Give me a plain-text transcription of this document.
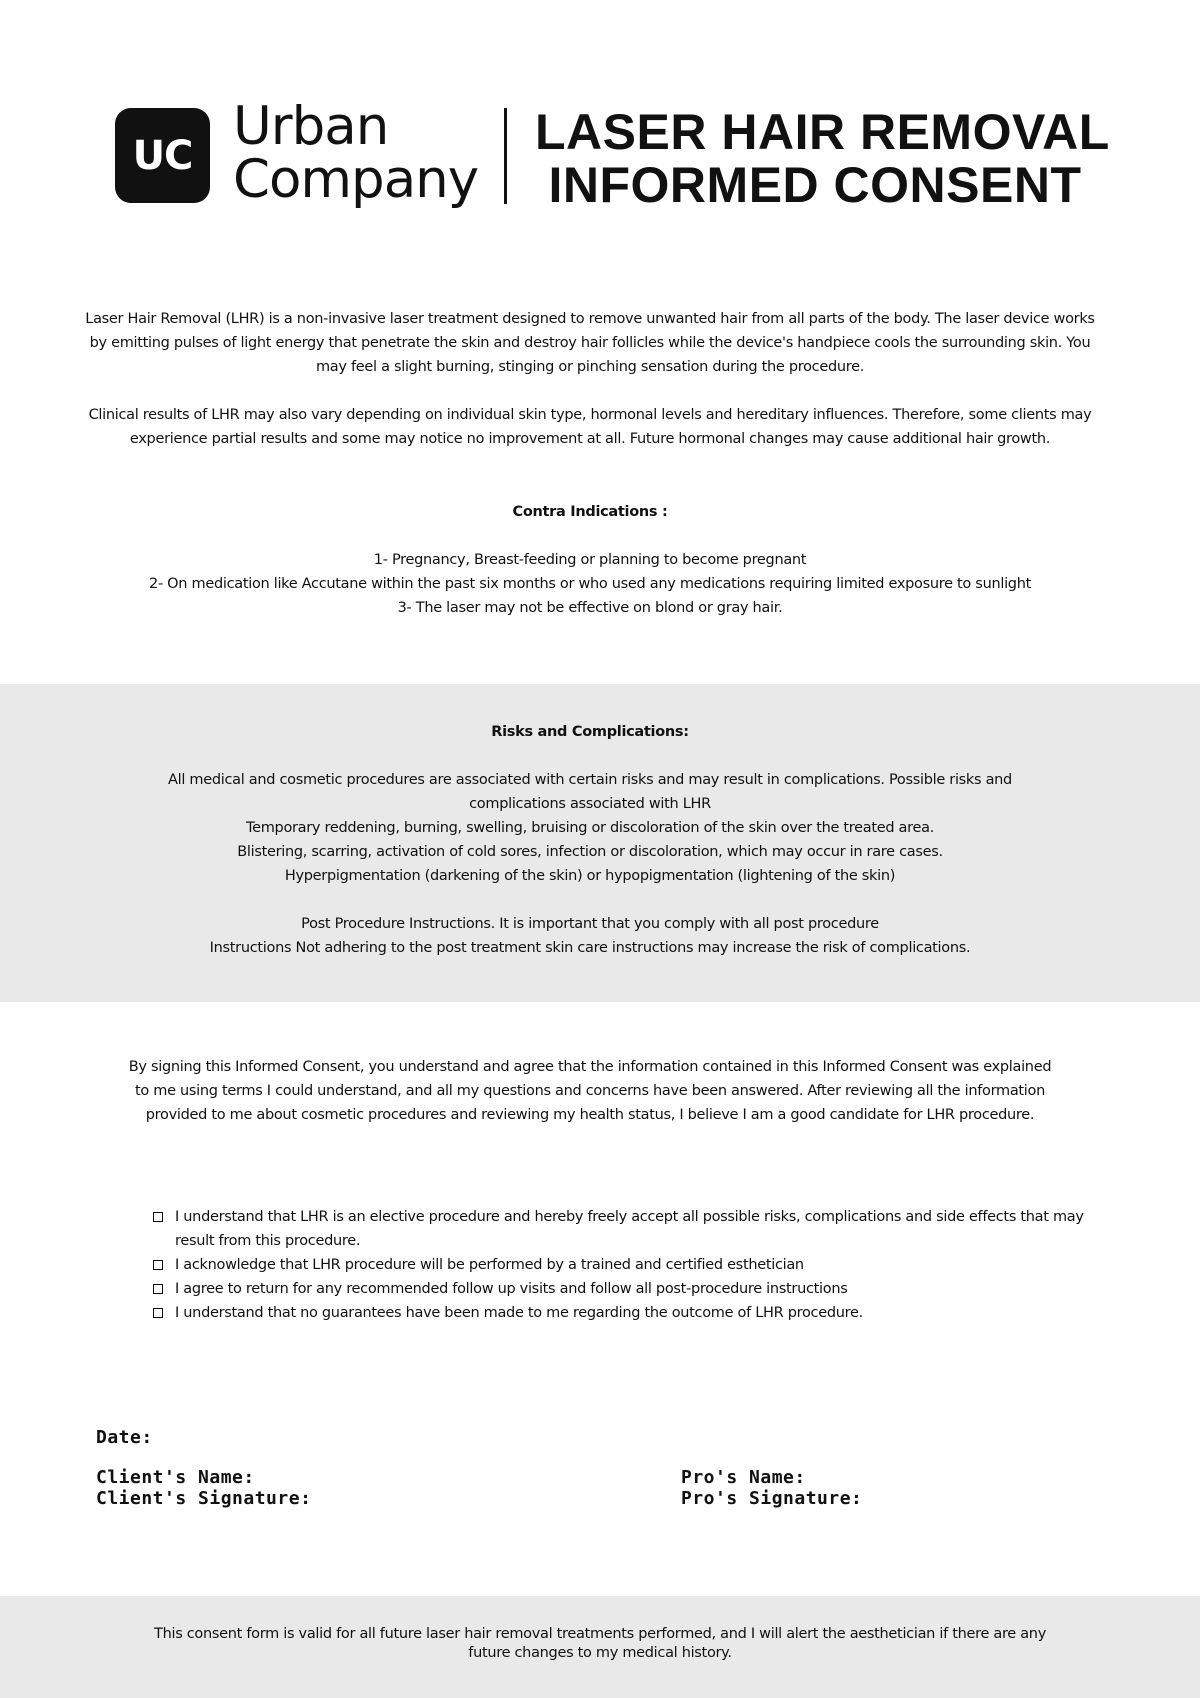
UC Urban
Company
LASER HAIR REMOVAL
INFORMED CONSENT
Laser Hair Removal (LHR) is a non-invasive laser treatment designed to remove unwanted hair from all parts of the body. The laser device works by emitting pulses of light energy that penetrate the skin and destroy hair follicles while the device's handpiece cools the surrounding skin. You may feel a slight burning, stinging or pinching sensation during the procedure.
Clinical results of LHR may also vary depending on individual skin type, hormonal levels and hereditary influences. Therefore, some clients may experience partial results and some may notice no improvement at all. Future hormonal changes may cause additional hair growth.
Contra Indications :
1- Pregnancy, Breast-feeding or planning to become pregnant
2- On medication like Accutane within the past six months or who used any medications requiring limited exposure to sunlight
3- The laser may not be effective on blond or gray hair.
Risks and Complications:
All medical and cosmetic procedures are associated with certain risks and may result in complications. Possible risks and complications associated with LHR
Temporary reddening, burning, swelling, bruising or discoloration of the skin over the treated area.
Blistering, scarring, activation of cold sores, infection or discoloration, which may occur in rare cases.
Hyperpigmentation (darkening of the skin) or hypopigmentation (lightening of the skin)
Post Procedure Instructions. It is important that you comply with all post procedure
Instructions Not adhering to the post treatment skin care instructions may increase the risk of complications.
By signing this Informed Consent, you understand and agree that the information contained in this Informed Consent was explained to me using terms I could understand, and all my questions and concerns have been answered. After reviewing all the information provided to me about cosmetic procedures and reviewing my health status, I believe I am a good candidate for LHR procedure.
I understand that LHR is an elective procedure and hereby freely accept all possible risks, complications and side effects that may result from this procedure.
I acknowledge that LHR procedure will be performed by a trained and certified esthetician
I agree to return for any recommended follow up visits and follow all post-procedure instructions
I understand that no guarantees have been made to me regarding the outcome of LHR procedure.
Date:
Client's Name:
Client's Signature:
Pro's Name:
Pro's Signature:
This consent form is valid for all future laser hair removal treatments performed, and I will alert the aesthetician if there are any future changes to my medical history.
